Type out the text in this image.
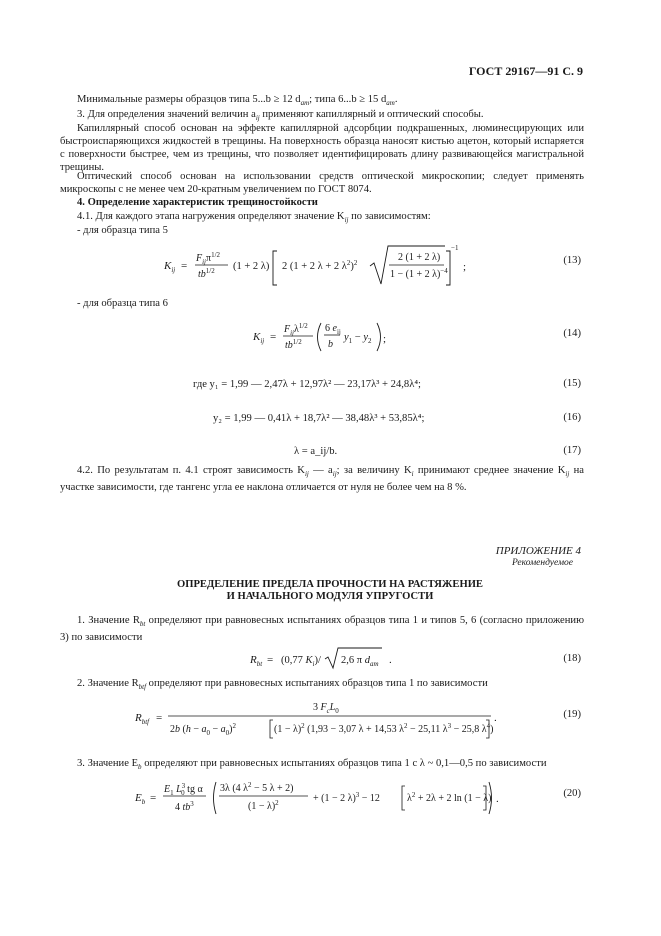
ГОСТ 29167—91 С. 9
Минимальные размеры образцов типа 5...b ≥ 12 $d_{am}$; типа 6...b ≥ 15 $d_{am}$.
3. Для определения значений величин $a_{ij}$ применяют капиллярный и оптический способы.
Капиллярный способ основан на эффекте капиллярной адсорбции подкрашенных, люминесцирующих или быстроиспаряющихся жидкостей в трещины. На поверхность образца наносят кистью ацетон, который испаряется с поверхности быстрее, чем из трещины, что позволяет идентифицировать длину развивающейся магистральной трещины.
Оптический способ основан на использовании средств оптической микроскопии; следует применять микроскопы с не менее чем 20-кратным увеличением по ГОСТ 8074.
4. Определение характеристик трещиностойкости
4.1. Для каждого этапа нагружения определяют значение $K_{ij}$ по зависимостям:
- для образца типа 5
$K_{ij}$ =
$F_{ij}\pi^{1/2}$
$tb^{1/2}$ (1 + 2 λ) 2 (1 + 2 λ + 2 $\lambda^2)^2$	2 (1 + 2 λ)
1 − (1 + 2 λ)$^{-4}$
−1
;
(13)
- для образца типа 6
$K_{ij}$ =
$F_{ij}\lambda^{1/2}$
$tb^{1/2}$
6 $e_{ij}$
b
$y_1 - y_2$ ;	(14)
где y₁ = 1,99 — 2,47λ + 12,97λ² — 23,17λ³ + 24,8λ⁴;	(15)
y₂ = 1,99 — 0,41λ + 18,7λ² — 38,48λ³ + 53,85λ⁴;	(16)
λ = a_ij/b.	(17)
4.2. По результатам п. 4.1 строят зависимость $K_{ij}$ — $a_{ij}$; за величину $K_i$ принимают среднее значение $K_{ij}$ на участке зависимости, где тангенс угла ее наклона отличается от нуля не более чем на 8 %.
ПРИЛОЖЕНИЕ 4
Рекомендуемое
ОПРЕДЕЛЕНИЕ ПРЕДЕЛА ПРОЧНОСТИ НА РАСТЯЖЕНИЕ
И НАЧАЛЬНОГО МОДУЛЯ УПРУГОСТИ
1. Значение $R_{bt}$ определяют при равновесных испытаниях образцов типа 1 и типов 5, 6 (согласно приложению 3) по зависимости
$R_{bt} = (0,77$ $K_i)/$ 2,6 π $d_{am}$ .	(18)
2. Значение $R_{btf}$ определяют при равновесных испытаниях образцов типа 1 по зависимости
$R_{btf}$ =
3 $F_cL_0$
2b $(h - a_0 - a_0)^2$	$(1 - \lambda)^2$ (1,93 − 3,07 λ + 14,53 $\lambda^2 - 25,11$ $\lambda^3 - 25,8$ $\lambda^4$)
.	(19)
3. Значение $E_b$ определяют при равновесных испытаниях образцов типа 1 с λ ~ 0,1—0,5 по зависимости
$E_b$ =
$E_1$ $L^3$ 0 tg α
4 $tb^3$
3λ (4 $\lambda^2 - 5$ λ + 2)
$(1 - \lambda)^2$	+ (1 − 2 λ)$^3$ − 12	$\lambda^2 + 2\lambda + 2$ ln (1 − λ) .	(20)
